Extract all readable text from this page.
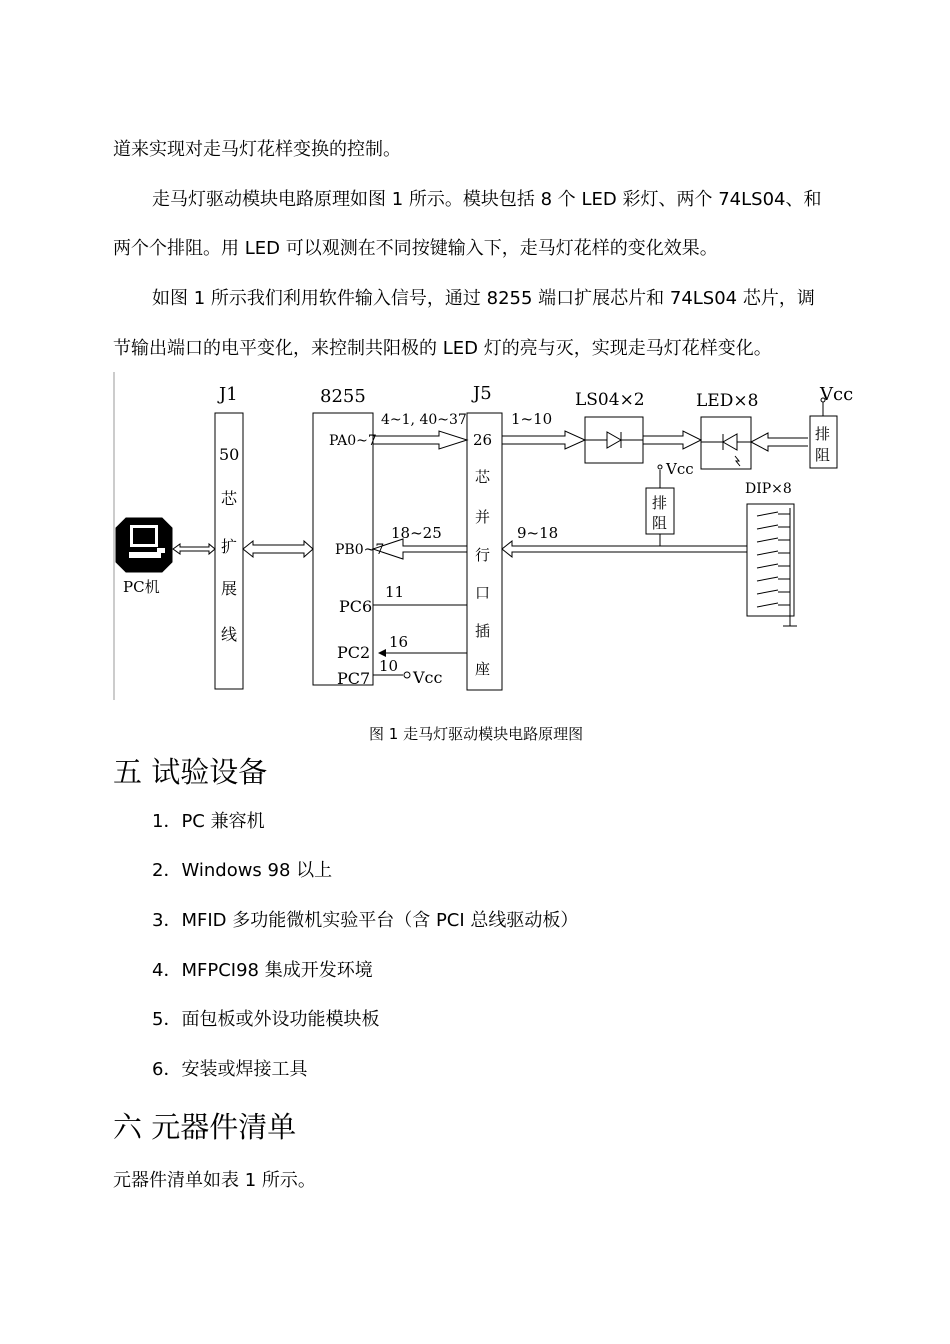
道来实现对走马灯花样变换的控制。
走马灯驱动模块电路原理如图 1 所示。模块包括 8 个 LED 彩灯、两个 74LS04、和
两个个排阻。用 LED 可以观测在不同按键输入下，走马灯花样的变化效果。
如图 1 所示我们利用软件输入信号，通过 8255 端口扩展芯片和 74LS04 芯片，调
节输出端口的电平变化，来控制共阳极的 LED 灯的亮与灭，实现走马灯花样变化。
J1
50
芯
扩
展
线
8255
PA0~7
PB0~7
PC6
PC2
PC7
4~1, 40~37
18~25
11
16
10
Vcc
J5
26
芯
并
行
口
插
座
1~10
9~18
LS04×2	LED×8	Vcc
Vcc
DIP×8
排
阻
排
阻
PC机
图 1 走马灯驱动模块电路原理图
五 试验设备
1．PC 兼容机
2．Windows 98 以上
3．MFID 多功能微机实验平台（含 PCI 总线驱动板）
4．MFPCI98 集成开发环境
5．面包板或外设功能模块板
6．安装或焊接工具
六 元器件清单
元器件清单如表 1 所示。
